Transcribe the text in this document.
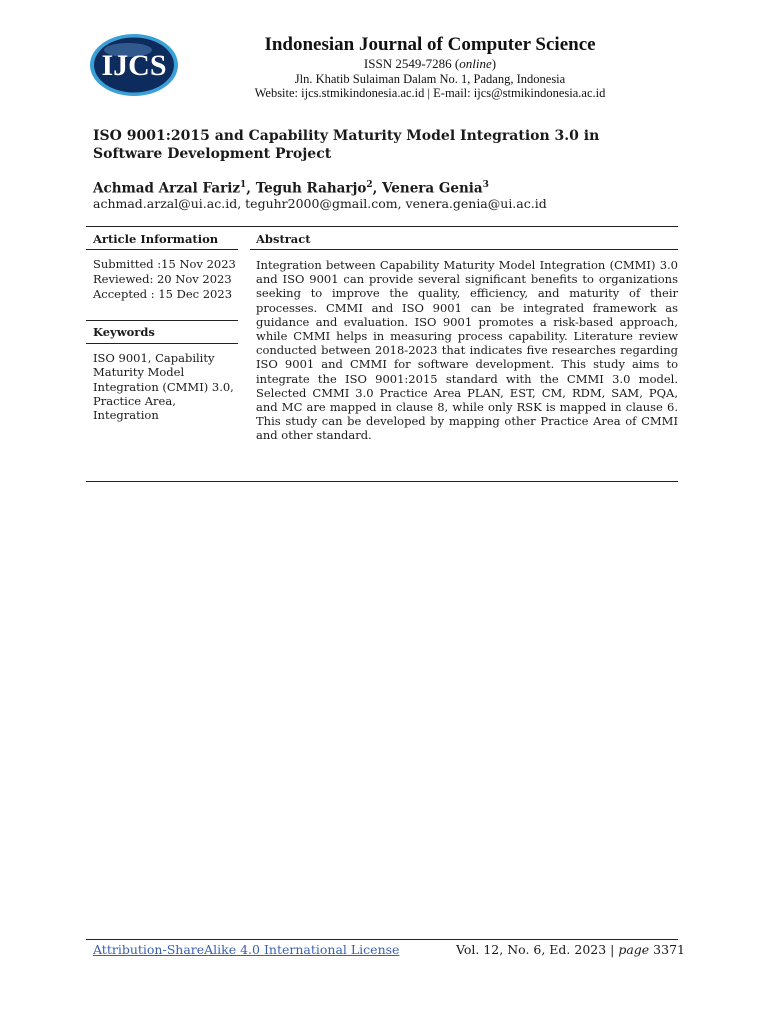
IJCS
Indonesian Journal of Computer Science
ISSN 2549-7286 (online)
Jln. Khatib Sulaiman Dalam No. 1, Padang, Indonesia
Website: ijcs.stmikindonesia.ac.id | E-mail: ijcs@stmikindonesia.ac.id
ISO 9001:2015 and Capability Maturity Model Integration 3.0 in Software Development Project
Achmad Arzal Fariz$^1$, Teguh Raharjo$^2$, Venera Genia$^3$
achmad.arzal@ui.ac.id, teguhr2000@gmail.com, venera.genia@ui.ac.id
Article Information
Submitted :15 Nov 2023
Reviewed: 20 Nov 2023
Accepted : 15 Dec 2023
Keywords
ISO 9001, Capability
Maturity Model
Integration (CMMI) 3.0,
Practice Area,
Integration
Abstract
Integration between Capability Maturity Model Integration (CMMI) 3.0 and ISO 9001 can provide several significant benefits to organizations seeking to improve the quality, efficiency, and maturity of their processes. CMMI and ISO 9001 can be integrated framework as guidance and evaluation. ISO 9001 promotes a risk-based approach, while CMMI helps in measuring process capability. Literature review conducted between 2018-2023 that indicates five researches regarding ISO 9001 and CMMI for software development. This study aims to integrate the ISO 9001:2015 standard with the CMMI 3.0 model. Selected CMMI 3.0 Practice Area PLAN, EST, CM, RDM, SAM, PQA, and MC are mapped in clause 8, while only RSK is mapped in clause 6. This study can be developed by mapping other Practice Area of CMMI and other standard.
Attribution-ShareAlike 4.0 International License	Vol. 12, No. 6, Ed. 2023 | page 3371
